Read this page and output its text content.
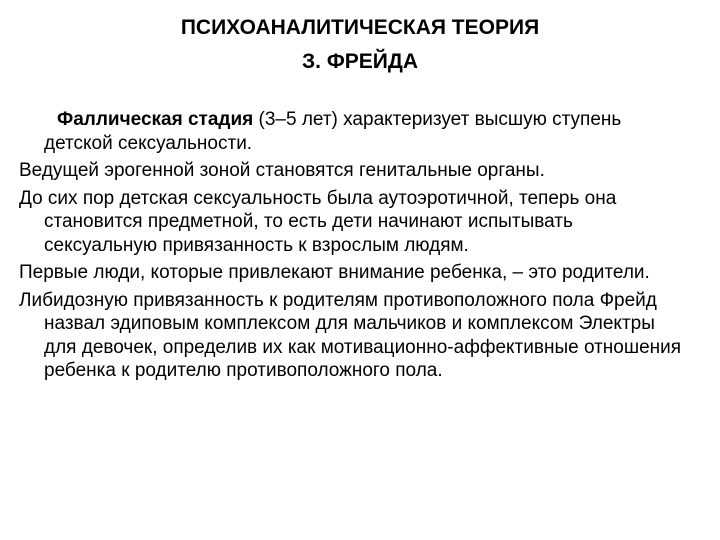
ПСИХОАНАЛИТИЧЕСКАЯ ТЕОРИЯ
З. ФРЕЙДА

Фаллическая стадия (3–5 лет) характеризует высшую ступень детской сексуальности.

Ведущей эрогенной зоной становятся генитальные органы.

До сих пор детская сексуальность была аутоэротичной, теперь она становится предметной, то есть дети начинают испытывать сексуальную привязанность к взрослым людям.

Первые люди, которые привлекают внимание ребенка, – это родители.

Либидозную привязанность к родителям противоположного пола Фрейд назвал эдиповым комплексом для мальчиков и комплексом Электры для девочек, определив их как мотивационно-аффективные отношения ребенка к родителю противоположного пола.
